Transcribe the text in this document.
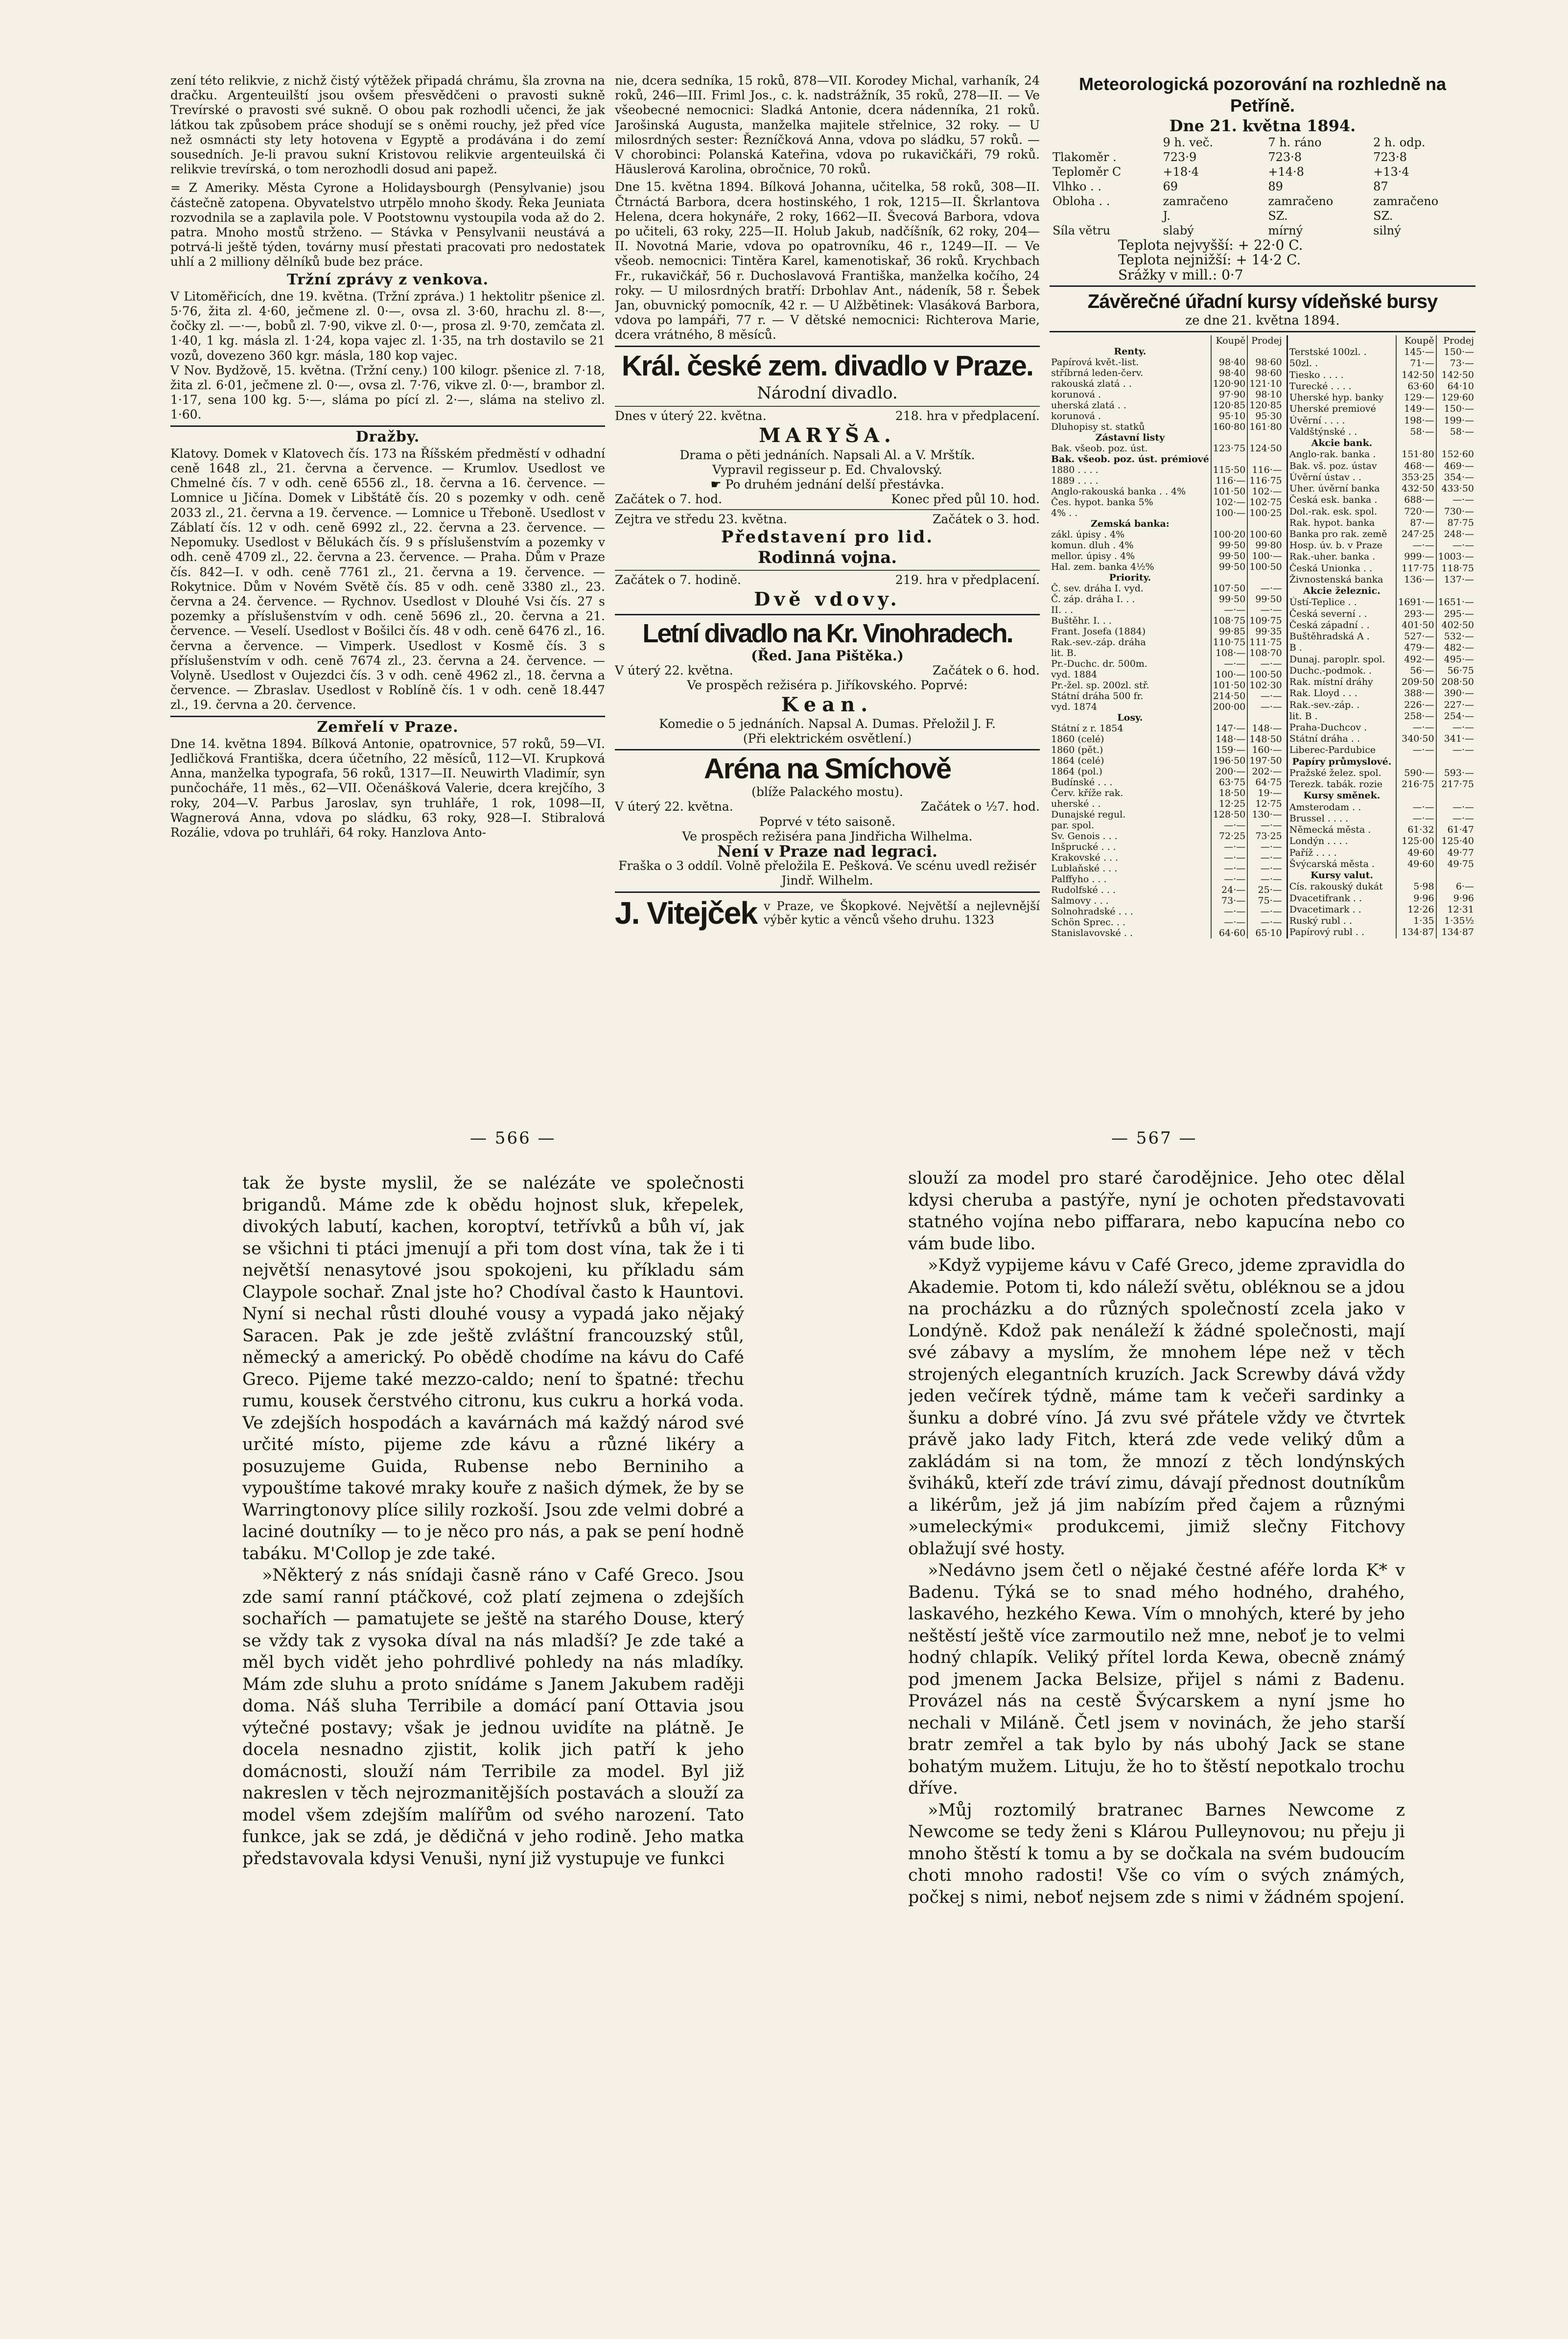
zení této relikvie, z nichž čistý výtěžek připadá chrámu, šla zrovna na dračku. Argenteuilští jsou ovšem přesvědčeni o pravosti sukně Trevírské o pravosti své sukně. O obou pak rozhodli učenci, že jak látkou tak způsobem práce shodují se s oněmi rouchy, jež před více než osmnácti sty lety hotovena v Egyptě a prodávána i do zemí sousedních. Je-li pravou sukní Kristovou relikvie argenteuilská či relikvie trevírská, o tom nerozhodli dosud ani papež.

= Z Ameriky. Města Cyrone a Holidaysbourgh (Pensylvanie) jsou částečně zatopena. Obyvatelstvo utrpělo mnoho škody. Řeka Jeuniata rozvodnila se a zaplavila pole. V Pootstownu vystoupila voda až do 2. patra. Mnoho mostů strženo. — Stávka v Pensylvanii neustává a potrvá-li ještě týden, továrny musí přestati pracovati pro nedostatek uhlí a 2 milliony dělníků bude bez práce.

Tržní zprávy z venkova.

V Litoměřicích, dne 19. května. (Tržní zpráva.) 1 hektolitr pšenice zl. 5·76, žita zl. 4·60, ječmene zl. 0·—, ovsa zl. 3·60, hrachu zl. 8·—, čočky zl. —·—, bobů zl. 7·90, vikve zl. 0·—, prosa zl. 9·70, zemčata zl. 1·40, 1 kg. másla zl. 1·24, kopa vajec zl. 1·35, na trh dostavilo se 21 vozů, dovezeno 360 kgr. másla, 180 kop vajec.

V Nov. Bydžově, 15. května. (Tržní ceny.) 100 kilogr. pšenice zl. 7·18, žita zl. 6·01, ječmene zl. 0·—, ovsa zl. 7·76, vikve zl. 0·—, brambor zl. 1·17, sena 100 kg. 5·—, sláma po pící zl. 2·—, sláma na stelivo zl. 1·60.

Dražby.

Klatovy. Domek v Klatovech čís. 173 na Říšském předměstí v odhadní ceně 1648 zl., 21. června a července. — Krumlov. Usedlost ve Chmelné čís. 7 v odh. ceně 6556 zl., 18. června a 16. července. — Lomnice u Jičína. Domek v Libštátě čís. 20 s pozemky v odh. ceně 2033 zl., 21. června a 19. července. — Lomnice u Třeboně. Usedlost v Záblatí čís. 12 v odh. ceně 6992 zl., 22. června a 23. července. — Nepomuky. Usedlost v Bělukách čís. 9 s příslušenstvím a pozemky v odh. ceně 4709 zl., 22. června a 23. července. — Praha. Dům v Praze čís. 842—I. v odh. ceně 7761 zl., 21. června a 19. července. — Rokytnice. Dům v Novém Světě čís. 85 v odh. ceně 3380 zl., 23. června a 24. července. — Rychnov. Usedlost v Dlouhé Vsi čís. 27 s pozemky a příslušenstvím v odh. ceně 5696 zl., 20. června a 21. července. — Veselí. Usedlost v Bošilci čís. 48 v odh. ceně 6476 zl., 16. června a července. — Vimperk. Usedlost v Kosmě čís. 3 s příslušenstvím v odh. ceně 7674 zl., 23. června a 24. července. — Volyně. Usedlost v Oujezdci čís. 3 v odh. ceně 4962 zl., 18. června a července. — Zbraslav. Usedlost v Roblíně čís. 1 v odh. ceně 18.447 zl., 19. června a 20. července.

Zemřelí v Praze.

Dne 14. května 1894. Bílková Antonie, opatrovnice, 57 roků, 59—VI. Jedličková Františka, dcera účetního, 22 měsíců, 112—VI. Krupková Anna, manželka typografa, 56 roků, 1317—II. Neuwirth Vladimír, syn punčocháře, 11 měs., 62—VII. Očenášková Valerie, dcera krejčího, 3 roky, 204—V. Parbus Jaroslav, syn truhláře, 1 rok, 1098—II, Wagnerová Anna, vdova po sládku, 63 roky, 928—I. Stibralová Rozálie, vdova po truhláři, 64 roky. Hanzlova Anto-

nie, dcera sedníka, 15 roků, 878—VII. Korodey Michal, varhaník, 24 roků, 246—III. Friml Jos., c. k. nadstrážník, 35 roků, 278—II. — Ve všeobecné nemocnici: Sladká Antonie, dcera nádenníka, 21 roků. Jarošinská Augusta, manželka majitele střelnice, 32 roky. — U milosrdných sester: Řezníčková Anna, vdova po sládku, 57 roků. — V chorobinci: Polanská Kateřina, vdova po rukavičkáři, 79 roků. Häuslerová Karolina, obročnice, 70 roků.

Dne 15. května 1894. Bílková Johanna, učitelka, 58 roků, 308—II. Čtrnáctá Barbora, dcera hostinského, 1 rok, 1215—II. Škrlantova Helena, dcera hokynáře, 2 roky, 1662—II. Švecová Barbora, vdova po učiteli, 63 roky, 225—II. Holub Jakub, nadčíšník, 62 roky, 204—II. Novotná Marie, vdova po opatrovníku, 46 r., 1249—II. — Ve všeob. nemocnici: Tintěra Karel, kamenotiskař, 36 roků. Krychbach Fr., rukavičkář, 56 r. Duchoslavová Františka, manželka kočího, 24 roky. — U milosrdných bratří: Drbohlav Ant., nádeník, 58 r. Šebek Jan, obuvnický pomocník, 42 r. — U Alžbětinek: Vlasáková Barbora, vdova po lampáři, 77 r. — V dětské nemocnici: Richterova Marie, dcera vrátného, 8 měsíců.

Král. české zem. divadlo v Praze.
Národní divadlo.
Dnes v úterý 22. května.	218. hra v předplacení.
MARYŠA.
Drama o pěti jednáních. Napsali Al. a V. Mrštík.
Vypravil regisseur p. Ed. Chvalovský.
☛ Po druhém jednání delší přestávka.
Začátek o 7. hod.	Konec před půl 10. hod.
Zejtra ve středu 23. května.	Začátek o 3. hod.
Představení pro lid.
Rodinná vojna.
Začátek o 7. hodině.	219. hra v předplacení.
Dvě vdovy.
Letní divadlo na Kr. Vinohradech.
(Řed. Jana Pištěka.)
V úterý 22. května.	Začátek o 6. hod.
Ve prospěch režiséra p. Jiříkovského. Poprvé:
Kean.
Komedie o 5 jednáních. Napsal A. Dumas. Přeložil J. F.
(Při elektrickém osvětlení.)
Aréna na Smíchově
(blíže Palackého mostu).
V úterý 22. května.	Začátek o ½7. hod.
Poprvé v této saisoně.
Ve prospěch režiséra pana Jindřicha Wilhelma.
Není v Praze nad legraci.
Fraška o 3 oddíl. Volně přeložila E. Pešková. Ve scénu uvedl režisér Jindř. Wilhelm.
J. Vitejček v Praze, ve Škopkové. Největší a nejlevnější výběr kytic a věnců všeho druhu. 1323
Meteorologická pozorování na rozhledně na Petříně.
Dne 21. května 1894.
	9 h. več.	7 h. ráno	2 h. odp.
Tlakoměr .	723·9	723·8	723·8
Teploměr C	+18·4	+14·8	+13·4
Vlhko . .	69	89	87
Obloha . .	zamračeno	zamračeno	zamračeno
	J.	SZ.	SZ.
Síla větru	slabý	mírný	silný
Teplota nejvyšší: + 22·0 C.
Teplota nejnižší: + 14·2 C.
Srážky v mill.: 0·7
Závěrečné úřadní kursy vídeňské bursy
ze dne 21. května 1894.
	Koupě	Prodej
Renty.		
Papírová květ.-list.	98·40	98·60
stříbrná leden-červ.	98·40	98·60
rakouská zlatá . .	120·90	121·10
korunová .	97·90	98·10
uherská zlatá . .	120·85	120·85
korunová .	95·10	95·30
Dluhopisy st. statků	160·80	161·80
Zástavní listy		
Bak. všeob. poz. úst.	123·75	124·50
Bak. všeob. poz. úst. prémiové		
1880 . . . .	115·50	116·—
1889 . . . .	116·—	116·75
Anglo-rakouská banka . . 4%	101·50	102·—
Čes. hypot. banka 5%	102·—	102·75
4% . .	100·—	100·25
Zemská banka:		
zákl. úpisy . 4%	100·20	100·60
komun. dluh . 4%	99·50	99·80
mellor. úpisy . 4%	99·50	100·—
Hal. zem. banka 4½%	99·50	100·50
Priority.		
Č. sev. dráha I. vyd.	107·50	—·—
Č. záp. dráha I. . .	99·50	99·50
II. . .	—·—	—·—
Buštěhr. I. . .	108·75	109·75
Frant. Josefa (1884)	99·85	99·35
Rak.-sev.-záp. dráha	110·75	111·75
lit. B.	108·—	108·70
Pr.-Duchc. dr. 500m.	—·—	—·—
vyd. 1884	100·—	100·50
Pr.-žel. sp. 200zl. stř.	101·50	102·30
Státní dráha 500 fr.	214·50	—·—
vyd. 1874	200·00	—·—
Losy.		
Státní z r. 1854	147·—	148·—
1860 (celé)	148·—	148·50
1860 (pět.)	159·—	160·—
1864 (celé)	196·50	197·50
1864 (pol.)	200·—	202·—
Budínské . . .	63·75	64·75
Červ. kříže rak.	18·50	19·—
uherské . .	12·25	12·75
Dunajské regul.	128·50	130·—
par. spol.	—·—	—·—
Sv. Genois . . .	72·25	73·25
Inšprucké . . .	—·—	—·—
Krakovské . . .	—·—	—·—
Lublaňské . . .	—·—	—·—
Palffyho . . .	—·—	—·—
Rudolfské . . .	24·—	25·—
Salmovy . . .	73·—	75·—
Solnohradské . . .	—·—	—·—
Schön Sprec. . .	—·—	—·—
Stanislavovské . .	64·60	65·10
	Koupě	Prodej
Terstské 100zl. .	145·—	150·—
50zl. .	71·—	73·—
Tiesko . . . .	142·50	142·50
Turecké . . . .	63·60	64·10
Uherské hyp. banky	129·—	129·60
Uherské premiové	149·—	150·—
Úvěrní . . . .	198·—	199·—
Valdštýnské . .	58·—	58·—
Akcie bank.		
Anglo-rak. banka .	151·80	152·60
Bak. vš. poz. ústav	468·—	469·—
Úvěrní ústav . .	353·25	354·—
Uher. úvěrní banka	432·50	433·50
Česká esk. banka .	688·—	—·—
Dol.-rak. esk. spol.	720·—	730·—
Rak. hypot. banka	87·—	87·75
Banka pro rak. země	247·25	248·—
Hosp. úv. b. v Praze	—·—	—·—
Rak.-uher. banka .	999·—	1003·—
Česká Unionka . .	117·75	118·75
Živnostenská banka	136·—	137·—
Akcie železnic.		
Ústí-Teplice . .	1691·—	1651·—
Česká severní . .	293·—	295·—
Česká západní . .	401·50	402·50
Buštěhradská A .	527·—	532·—
B .	479·—	482·—
Dunaj. paroplr. spol.	492·—	495·—
Duchc.-podmok. .	56·—	56·75
Rak. místní dráhy	209·50	208·50
Rak. Lloyd . . .	388·—	390·—
Rak.-sev.-záp. .	226·—	227·—
lit. B .	258·—	254·—
Praha-Duchcov .	—·—	—·—
Státní dráha . .	340·50	341·—
Liberec-Pardubice	—·—	—·—
Papíry průmyslové.		
Pražské želez. spol.	590·—	593·—
Terezk. tabák. rozie	216·75	217·75
Kursy směnek.		
Amsterodam . .	—·—	—·—
Brussel . . . .	—·—	—·—
Německá města .	61·32	61·47
Londýn . . . .	125·00	125·40
Paříž . . . .	49·60	49·77
Švýcarská města .	49·60	49·75
Kursy valut.		
Cís. rakouský dukát	5·98	6·—
Dvacetifrank . .	9·96	9·96
Dvacetimark . .	12·26	12·31
Ruský rubl . .	1·35	1·35½
Papírový rubl . .	134·87	134·87
— 566 —	— 567 —

tak že byste myslil, že se nalézáte ve společnosti brigandů. Máme zde k obědu hojnost sluk, křepelek, divokých labutí, kachen, koroptví, tetřívků a bůh ví, jak se všichni ti ptáci jmenují a při tom dost vína, tak že i ti největší nenasytové jsou spokojeni, ku příkladu sám Claypole sochař. Znal jste ho? Chodíval často k Hauntovi. Nyní si nechal růsti dlouhé vousy a vypadá jako nějaký Saracen. Pak je zde ještě zvláštní francouzský stůl, německý a americký. Po obědě chodíme na kávu do Café Greco. Pijeme také mezzo-caldo; není to špatné: třechu rumu, kousek čerstvého citronu, kus cukru a horká voda. Ve zdejších hospodách a kavárnách má každý národ své určité místo, pijeme zde kávu a různé likéry a posuzujeme Guida, Rubense nebo Berniniho a vypouštíme takové mraky kouře z našich dýmek, že by se Warringtonovy plíce silily rozkoší. Jsou zde velmi dobré a laciné doutníky — to je něco pro nás, a pak se pení hodně tabáku. M'Collop je zde také.

»Některý z nás snídaji časně ráno v Café Greco. Jsou zde samí ranní ptáčkové, což platí zejmena o zdejších sochařích — pamatujete se ještě na starého Douse, který se vždy tak z vysoka díval na nás mladší? Je zde také a měl bych vidět jeho pohrdlivé pohledy na nás mladíky. Mám zde sluhu a proto snídáme s Janem Jakubem raději doma. Náš sluha Terribile a domácí paní Ottavia jsou výtečné postavy; však je jednou uvidíte na plátně. Je docela nesnadno zjistit, kolik jich patří k jeho domácnosti, slouží nám Terribile za model. Byl již nakreslen v těch nejrozmanitějších postavách a slouží za model všem zdejším malířům od svého narození. Tato funkce, jak se zdá, je dědičná v jeho rodině. Jeho matka představovala kdysi Venuši, nyní již vystupuje ve funkci

slouží za model pro staré čarodějnice. Jeho otec dělal kdysi cheruba a pastýře, nyní je ochoten představovati statného vojína nebo piffarara, nebo kapucína nebo co vám bude libo.

»Když vypijeme kávu v Café Greco, jdeme zpravidla do Akademie. Potom ti, kdo náleží světu, obléknou se a jdou na procházku a do různých společností zcela jako v Londýně. Kdož pak nenáleží k žádné společnosti, mají své zábavy a myslím, že mnohem lépe než v těch strojených elegantních kruzích. Jack Screwby dává vždy jeden večírek týdně, máme tam k večeři sardinky a šunku a dobré víno. Já zvu své přátele vždy ve čtvrtek právě jako lady Fitch, která zde vede veliký dům a zakládám si na tom, že mnozí z těch londýnských šviháků, kteří zde tráví zimu, dávají přednost doutníkům a likérům, jež já jim nabízím před čajem a různými »umeleckými« produkcemi, jimiž slečny Fitchovy oblažují své hosty.

»Nedávno jsem četl o nějaké čestné aféře lorda K* v Badenu. Týká se to snad mého hodného, drahého, laskavého, hezkého Kewa. Vím o mnohých, které by jeho neštěstí ještě více zarmoutilo než mne, neboť je to velmi hodný chlapík. Veliký přítel lorda Kewa, obecně známý pod jmenem Jacka Belsize, přijel s námi z Badenu. Provázel nás na cestě Švýcarskem a nyní jsme ho nechali v Miláně. Četl jsem v novinách, že jeho starší bratr zemřel a tak bylo by nás ubohý Jack se stane bohatým mužem. Lituju, že ho to štěstí nepotkalo trochu dříve.

»Můj roztomilý bratranec Barnes Newcome z Newcome se tedy ženi s Klárou Pulleynovou; nu přeju ji mnoho štěstí k tomu a by se dočkala na svém budoucím choti mnoho radosti! Vše co vím o svých známých, počkej s nimi, neboť nejsem zde s nimi v žádném spojení.
